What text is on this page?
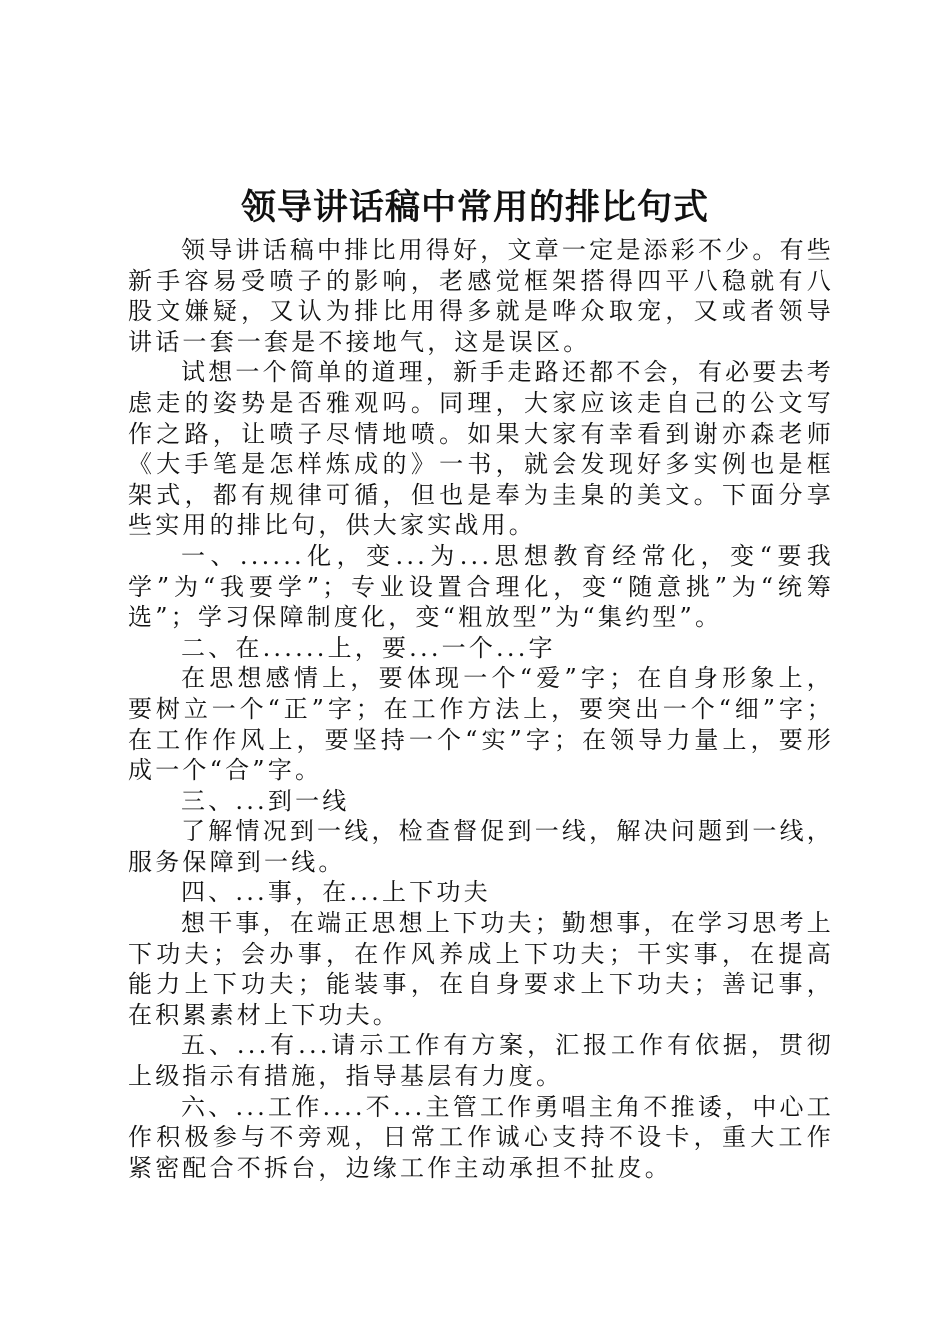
领导讲话稿中常用的排比句式

领导讲话稿中排比用得好，文章一定是添彩不少。有些新手容易受喷子的影响，老感觉框架搭得四平八稳就有八股文嫌疑，又认为排比用得多就是哗众取宠，又或者领导讲话一套一套是不接地气，这是误区。

试想一个简单的道理，新手走路还都不会，有必要去考虑走的姿势是否雅观吗。同理，大家应该走自己的公文写作之路，让喷子尽情地喷。如果大家有幸看到谢亦森老师《大手笔是怎样炼成的》一书，就会发现好多实例也是框架式，都有规律可循，但也是奉为圭臬的美文。下面分享些实用的排比句，供大家实战用。

一、......化，变...为...思想教育经常化，变“要我学”为“我要学”；专业设置合理化，变“随意挑”为“统筹选”；学习保障制度化，变“粗放型”为“集约型”。

二、在......上，要...一个...字

在思想感情上，要体现一个“爱”字；在自身形象上，要树立一个“正”字；在工作方法上，要突出一个“细”字；在工作作风上，要坚持一个“实”字；在领导力量上，要形成一个“合”字。

三、...到一线

了解情况到一线，检查督促到一线，解决问题到一线，服务保障到一线。

四、...事，在...上下功夫

想干事，在端正思想上下功夫；勤想事，在学习思考上下功夫；会办事，在作风养成上下功夫；干实事，在提高能力上下功夫；能装事，在自身要求上下功夫；善记事，在积累素材上下功夫。

五、...有...请示工作有方案，汇报工作有依据，贯彻上级指示有措施，指导基层有力度。

六、...工作....不...主管工作勇唱主角不推诿，中心工作积极参与不旁观，日常工作诚心支持不设卡，重大工作紧密配合不拆台，边缘工作主动承担不扯皮。
